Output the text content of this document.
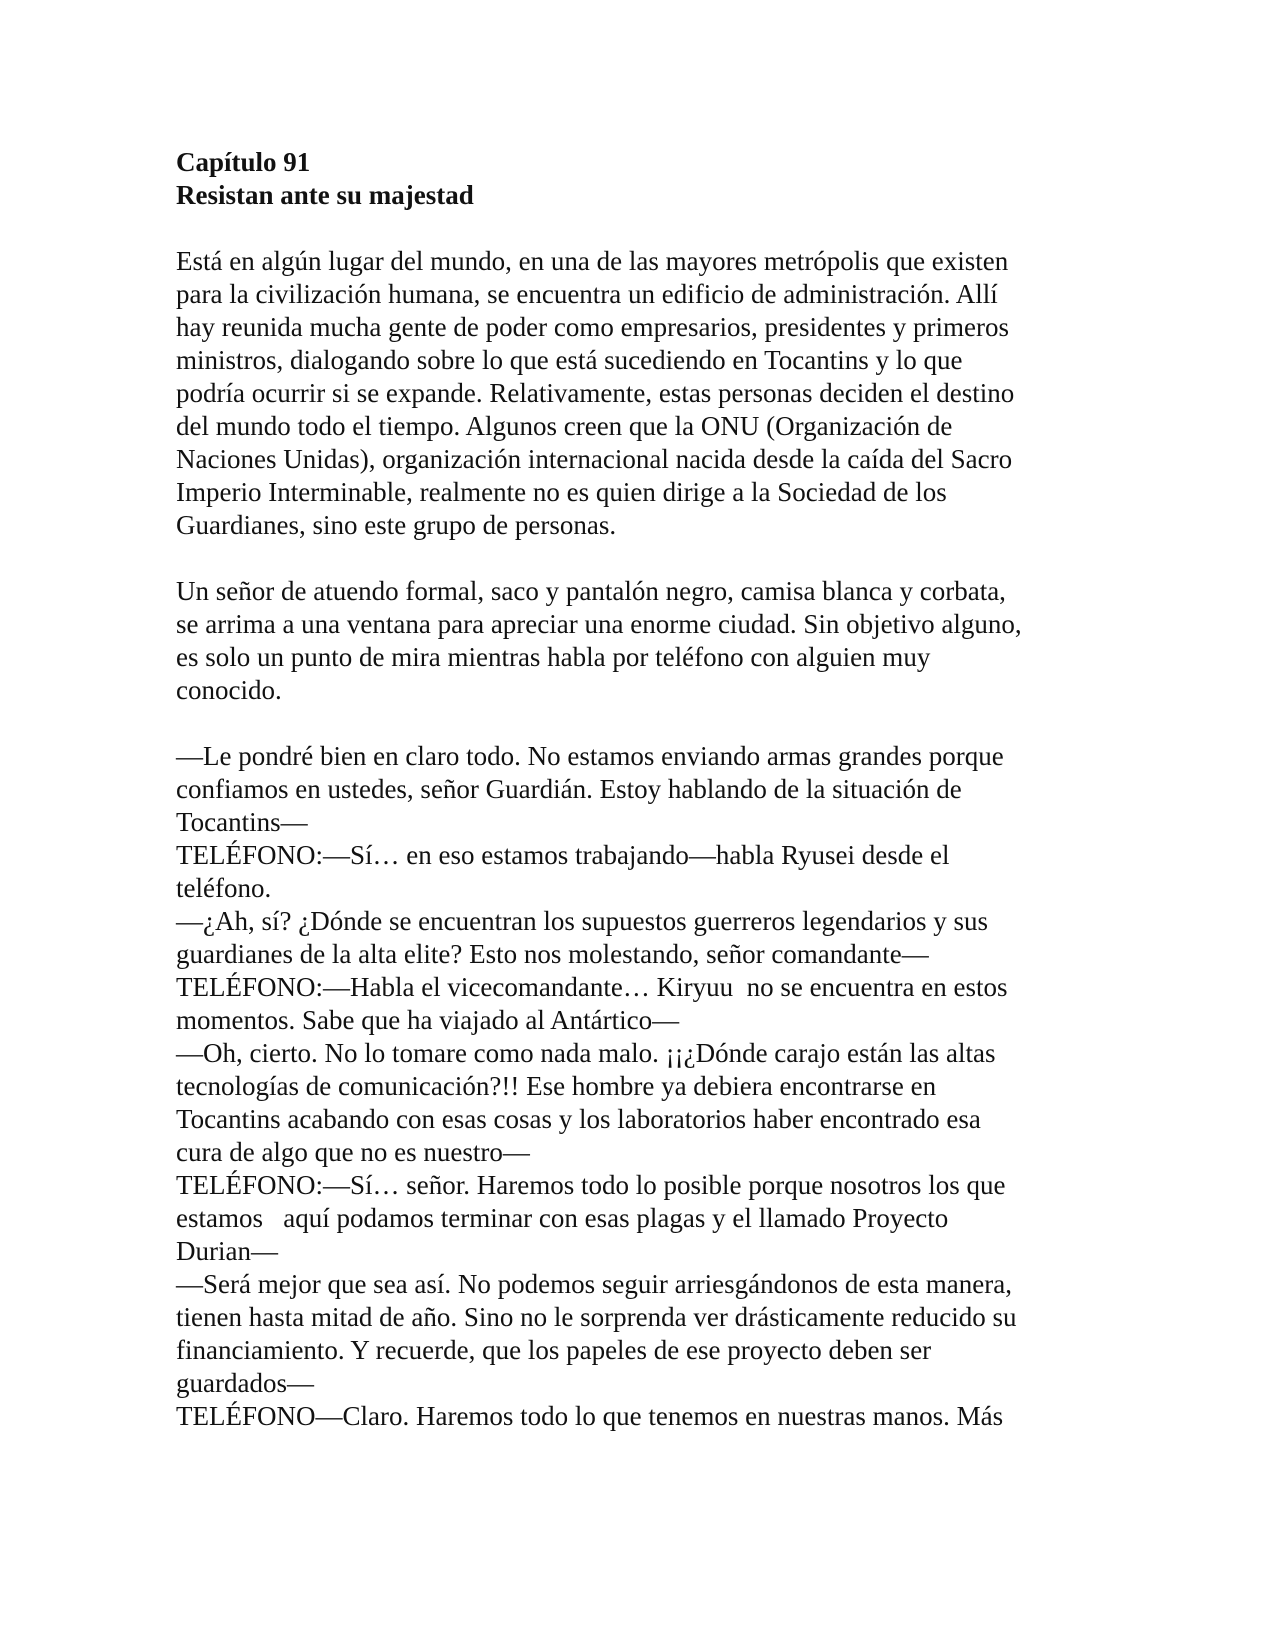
Capítulo 91
Resistan ante su majestad
Está en algún lugar del mundo, en una de las mayores metrópolis que existen
para la civilización humana, se encuentra un edificio de administración. Allí
hay reunida mucha gente de poder como empresarios, presidentes y primeros
ministros, dialogando sobre lo que está sucediendo en Tocantins y lo que
podría ocurrir si se expande. Relativamente, estas personas deciden el destino
del mundo todo el tiempo. Algunos creen que la ONU (Organización de
Naciones Unidas), organización internacional nacida desde la caída del Sacro
Imperio Interminable, realmente no es quien dirige a la Sociedad de los
Guardianes, sino este grupo de personas.
Un señor de atuendo formal, saco y pantalón negro, camisa blanca y corbata,
se arrima a una ventana para apreciar una enorme ciudad. Sin objetivo alguno,
es solo un punto de mira mientras habla por teléfono con alguien muy
conocido.
—Le pondré bien en claro todo. No estamos enviando armas grandes porque
confiamos en ustedes, señor Guardián. Estoy hablando de la situación de
Tocantins—
TELÉFONO:—Sí… en eso estamos trabajando—habla Ryusei desde el
teléfono.
—¿Ah, sí? ¿Dónde se encuentran los supuestos guerreros legendarios y sus
guardianes de la alta elite? Esto nos molestando, señor comandante—
TELÉFONO:—Habla el vicecomandante… Kiryuu  no se encuentra en estos
momentos. Sabe que ha viajado al Antártico—
—Oh, cierto. No lo tomare como nada malo. ¡¡¿Dónde carajo están las altas
tecnologías de comunicación?!! Ese hombre ya debiera encontrarse en
Tocantins acabando con esas cosas y los laboratorios haber encontrado esa
cura de algo que no es nuestro—
TELÉFONO:—Sí… señor. Haremos todo lo posible porque nosotros los que
estamos   aquí podamos terminar con esas plagas y el llamado Proyecto
Durian—
—Será mejor que sea así. No podemos seguir arriesgándonos de esta manera,
tienen hasta mitad de año. Sino no le sorprenda ver drásticamente reducido su
financiamiento. Y recuerde, que los papeles de ese proyecto deben ser
guardados—
TELÉFONO—Claro. Haremos todo lo que tenemos en nuestras manos. Más
